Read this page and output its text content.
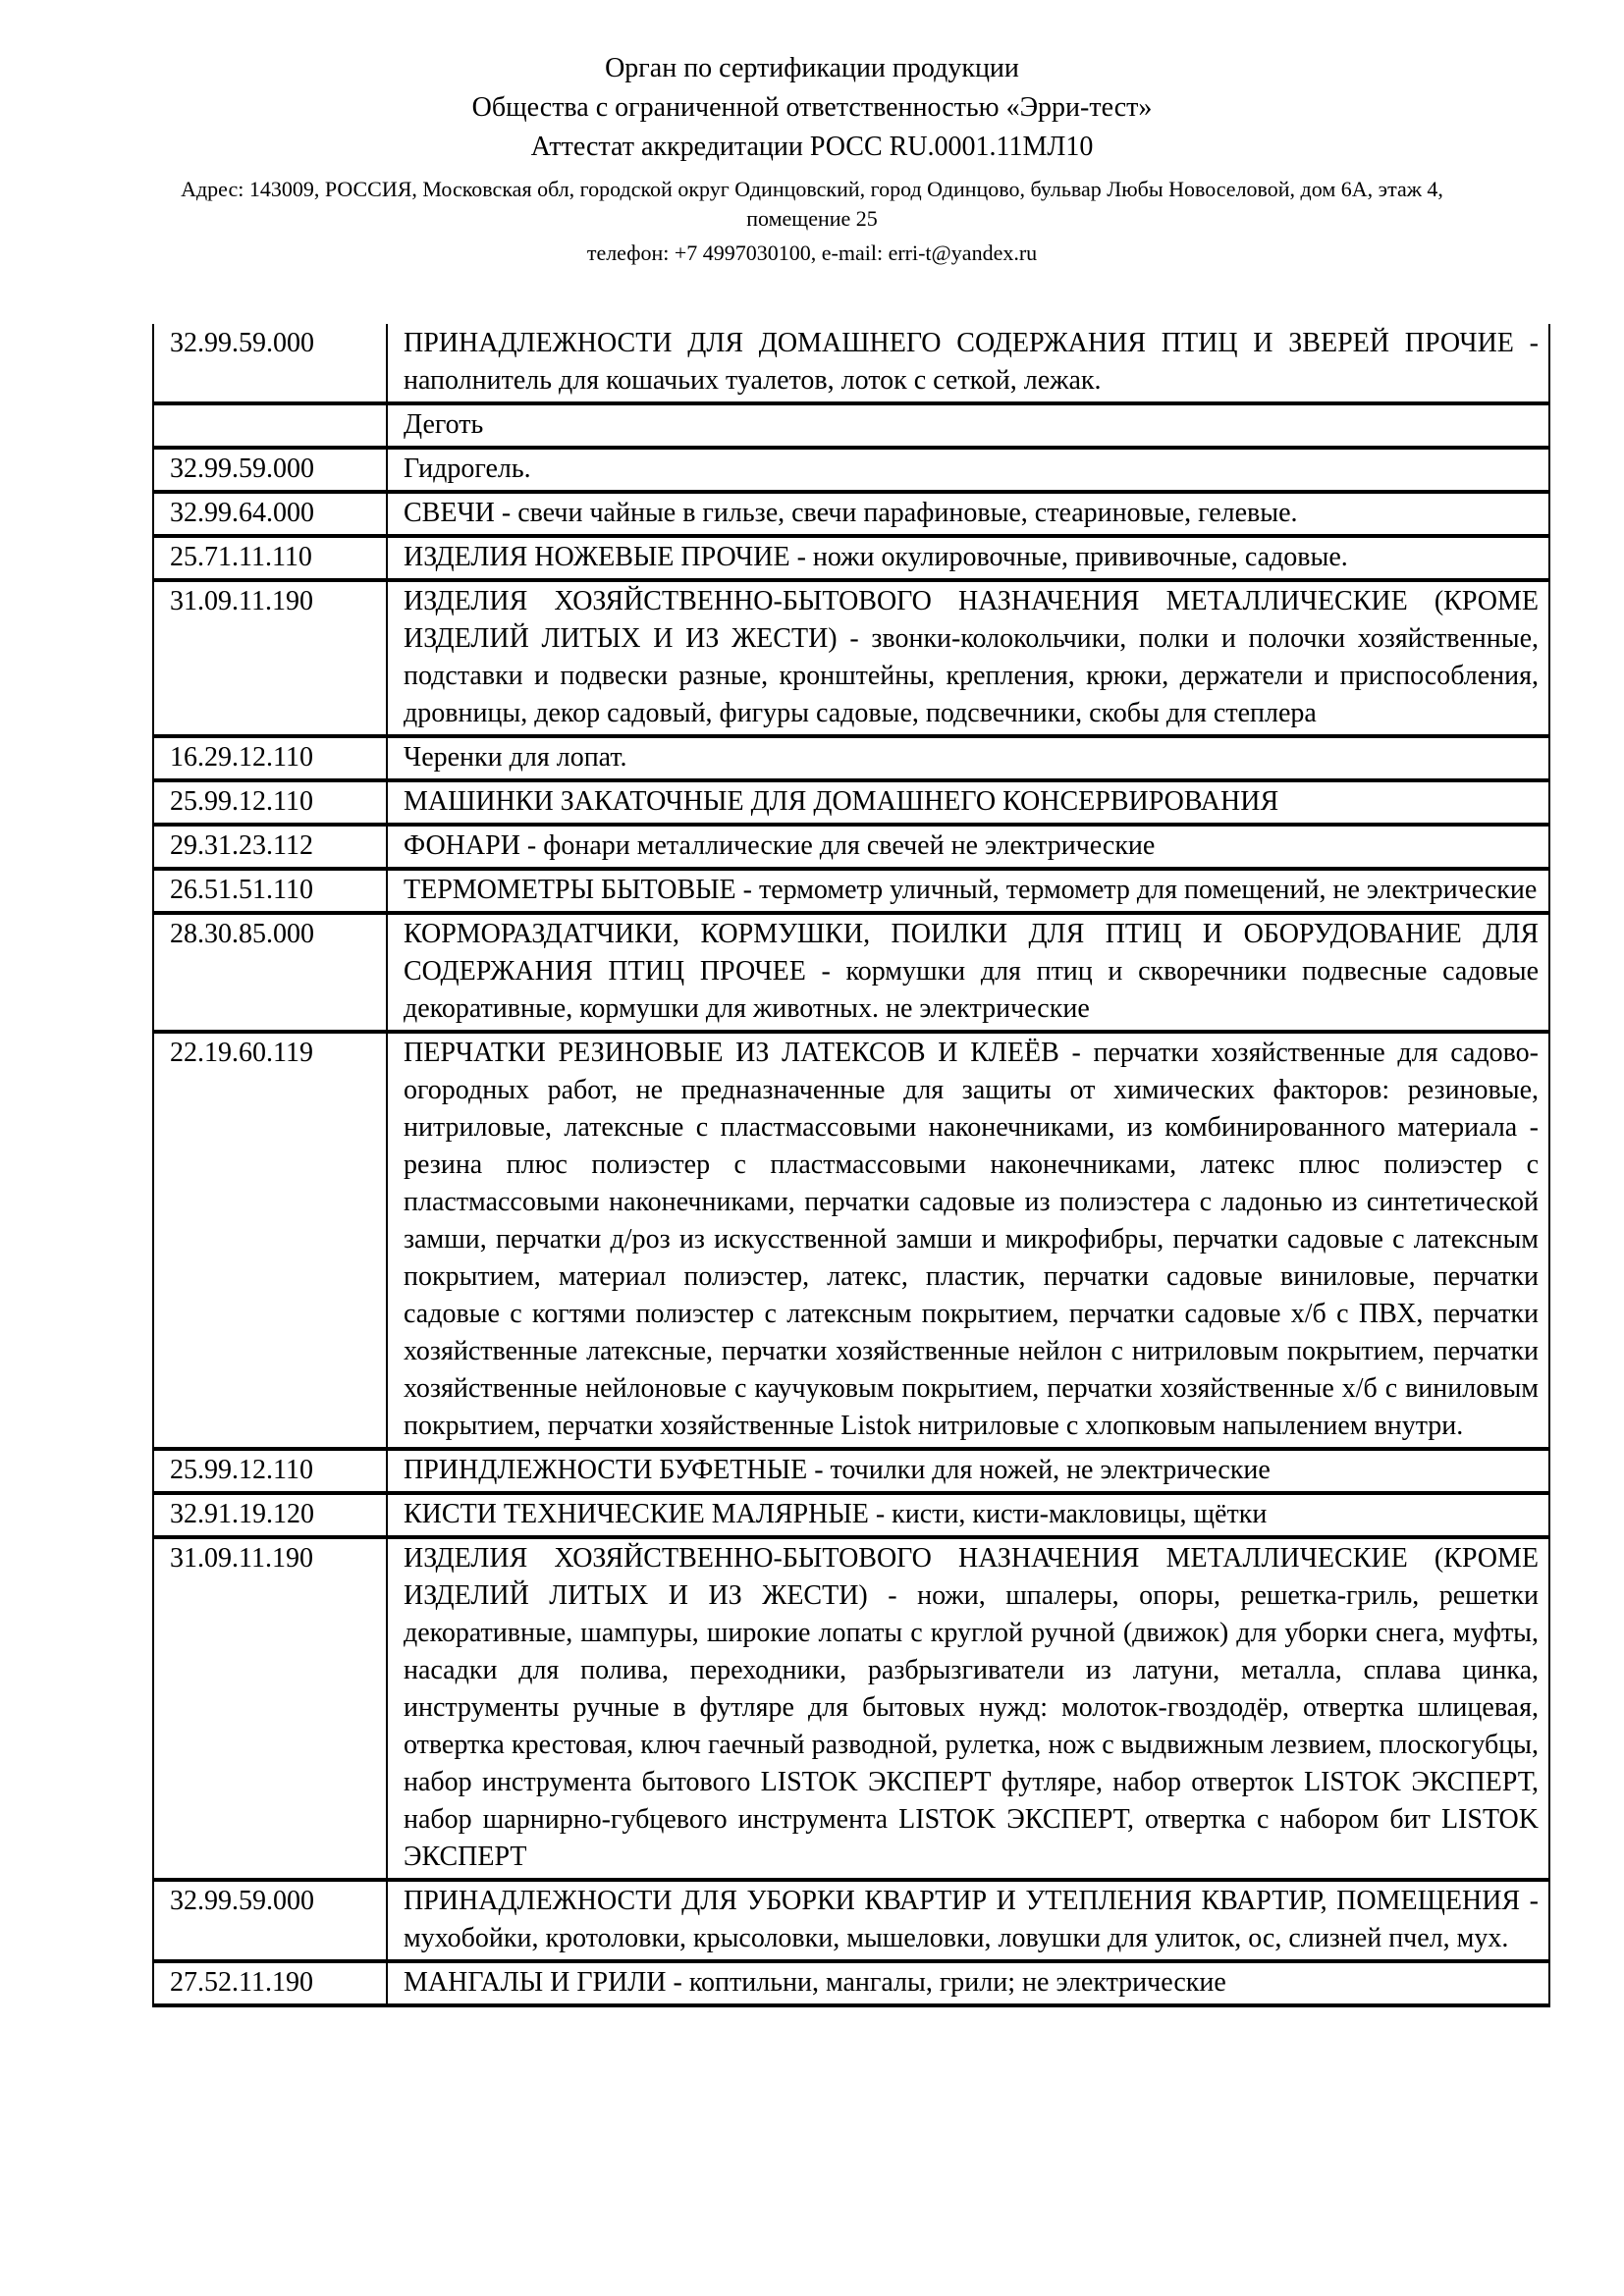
Орган по сертификации продукции
Общества с ограниченной ответственностью «Эрри-тест»
Аттестат аккредитации РОСС RU.0001.11МЛ10
Адрес: 143009, РОССИЯ, Московская обл, городской округ Одинцовский, город Одинцово, бульвар Любы Новоселовой, дом 6А, этаж 4,
помещение 25
телефон: +7 4997030100, e-mail: erri-t@yandex.ru
32.99.59.000	ПРИНАДЛЕЖНОСТИ ДЛЯ ДОМАШНЕГО СОДЕРЖАНИЯ ПТИЦ И ЗВЕРЕЙ ПРОЧИЕ - наполнитель для кошачьих туалетов, лоток с сеткой, лежак.
	Деготь
32.99.59.000	Гидрогель.
32.99.64.000	СВЕЧИ - свечи чайные в гильзе, свечи парафиновые, стеариновые, гелевые.
25.71.11.110	ИЗДЕЛИЯ НОЖЕВЫЕ ПРОЧИЕ - ножи окулировочные, прививочные, садовые.
31.09.11.190	ИЗДЕЛИЯ ХОЗЯЙСТВЕННО-БЫТОВОГО НАЗНАЧЕНИЯ МЕТАЛЛИЧЕСКИЕ (КРОМЕ ИЗДЕЛИЙ ЛИТЫХ И ИЗ ЖЕСТИ) - звонки-колокольчики, полки и полочки хозяйственные, подставки и подвески разные, кронштейны, крепления, крюки, держатели и приспособления, дровницы, декор садовый, фигуры садовые, подсвечники, скобы для степлера
16.29.12.110	Черенки для лопат.
25.99.12.110	МАШИНКИ ЗАКАТОЧНЫЕ ДЛЯ ДОМАШНЕГО КОНСЕРВИРОВАНИЯ
29.31.23.112	ФОНАРИ - фонари металлические для свечей не электрические
26.51.51.110	ТЕРМОМЕТРЫ БЫТОВЫЕ - термометр уличный, термометр для помещений, не электрические
28.30.85.000	КОРМОРАЗДАТЧИКИ, КОРМУШКИ, ПОИЛКИ ДЛЯ ПТИЦ И ОБОРУДОВАНИЕ ДЛЯ СОДЕРЖАНИЯ ПТИЦ ПРОЧЕЕ - кормушки для птиц и скворечники подвесные садовые декоративные, кормушки для животных. не электрические
22.19.60.119	ПЕРЧАТКИ РЕЗИНОВЫЕ ИЗ ЛАТЕКСОВ И КЛЕЁВ - перчатки хозяйственные для садово-огородных работ, не предназначенные для защиты от химических факторов: резиновые, нитриловые, латексные с пластмассовыми наконечниками, из комбинированного материала - резина плюс полиэстер с пластмассовыми наконечниками, латекс плюс полиэстер с пластмассовыми наконечниками, перчатки садовые из полиэстера с ладонью из синтетической замши, перчатки д/роз из искусственной замши и микрофибры, перчатки садовые с латексным покрытием, материал полиэстер, латекс, пластик, перчатки садовые виниловые, перчатки садовые с когтями полиэстер с латексным покрытием, перчатки садовые х/б с ПВХ, перчатки хозяйственные латексные, перчатки хозяйственные нейлон с нитриловым покрытием, перчатки хозяйственные нейлоновые с каучуковым покрытием, перчатки хозяйственные х/б с виниловым покрытием, перчатки хозяйственные Listok нитриловые с хлопковым напылением внутри.
25.99.12.110	ПРИНДЛЕЖНОСТИ БУФЕТНЫЕ - точилки для ножей, не электрические
32.91.19.120	КИСТИ ТЕХНИЧЕСКИЕ МАЛЯРНЫЕ - кисти, кисти-макловицы, щётки
31.09.11.190	ИЗДЕЛИЯ ХОЗЯЙСТВЕННО-БЫТОВОГО НАЗНАЧЕНИЯ МЕТАЛЛИЧЕСКИЕ (КРОМЕ ИЗДЕЛИЙ ЛИТЫХ И ИЗ ЖЕСТИ) - ножи, шпалеры, опоры, решетка-гриль, решетки декоративные, шампуры, широкие лопаты с круглой ручной (движок) для уборки снега, муфты, насадки для полива, переходники, разбрызгиватели из латуни, металла, сплава цинка, инструменты ручные в футляре для бытовых нужд: молоток-гвоздодёр, отвертка шлицевая, отвертка крестовая, ключ гаечный разводной, рулетка, нож с выдвижным лезвием, плоскогубцы, набор инструмента бытового LISTOK ЭКСПЕРТ футляре, набор отверток LISTOK ЭКСПЕРТ, набор шарнирно-губцевого инструмента LISTOK ЭКСПЕРТ, отвертка с набором бит LISTOK ЭКСПЕРТ
32.99.59.000	ПРИНАДЛЕЖНОСТИ ДЛЯ УБОРКИ КВАРТИР И УТЕПЛЕНИЯ КВАРТИР, ПОМЕЩЕНИЯ - мухобойки, кротоловки, крысоловки, мышеловки, ловушки для улиток, ос, слизней пчел, мух.
27.52.11.190	МАНГАЛЫ И ГРИЛИ - коптильни, мангалы, грили; не электрические
